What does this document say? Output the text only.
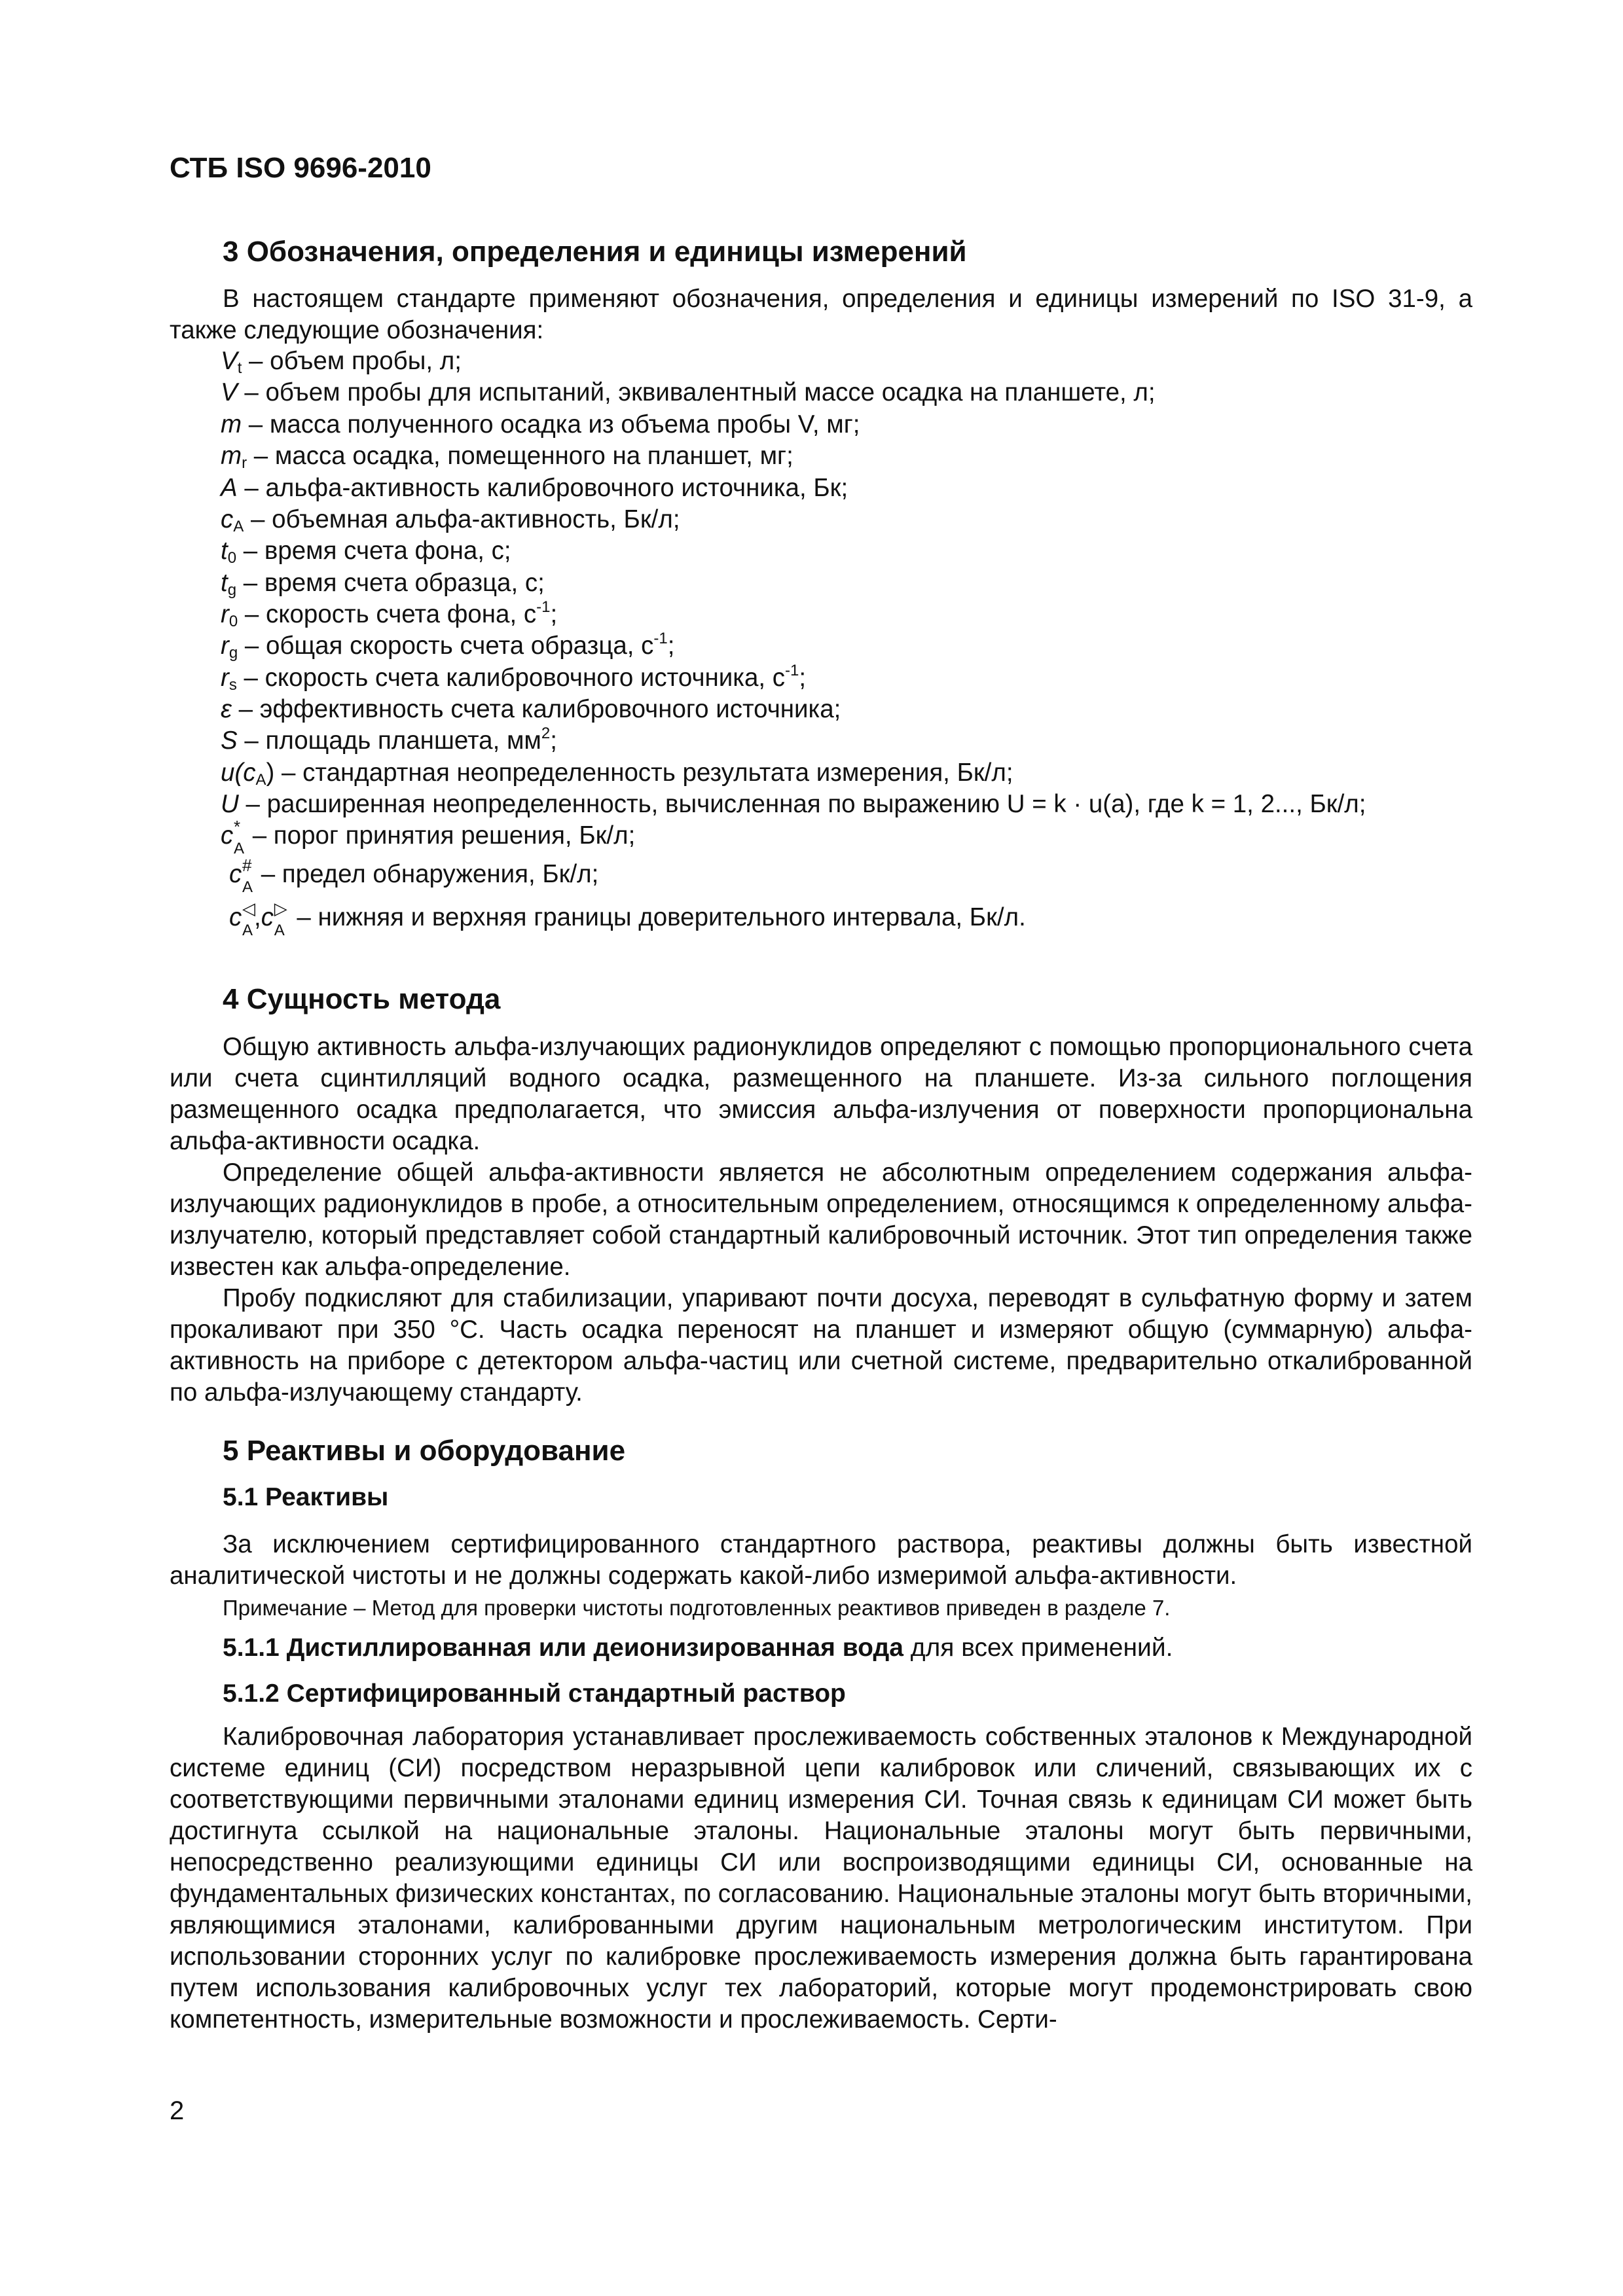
СТБ ISO 9696-2010
3 Обозначения, определения и единицы измерений

В настоящем стандарте применяют обозначения, определения и единицы измерений по ISO 31-9, а также следующие обозначения:

$V_t$ – объем пробы, л;
V – объем пробы для испытаний, эквивалентный массе осадка на планшете, л;
m – масса полученного осадка из объема пробы V, мг;
$m_r$ – масса осадка, помещенного на планшет, мг;
A – альфа-активность калибровочного источника, Бк;
$c_A$ – объемная альфа-активность, Бк/л;
$t_0$ – время счета фона, с;
$t_g$ – время счета образца, с;
$r_0$ – скорость счета фона, $с^{-1}$;
$r_g$ – общая скорость счета образца, $с^{-1}$;
$r_s$ – скорость счета калибровочного источника, $с^{-1}$;
ε – эффективность счета калибровочного источника;
S – площадь планшета, $мм^2$;
$u(c_A)$ – стандартная неопределенность результата измерения, Бк/л;
U – расширенная неопределенность, вычисленная по выражению U = k · u(a), где k = 1, 2..., Бк/л;
c *
A – порог принятия решения, Бк/л;
c #
A – предел обнаружения, Бк/л;
c ◁
A , c ▷
A – нижняя и верхняя границы доверительного интервала, Бк/л.
4 Сущность метода

Общую активность альфа-излучающих радионуклидов определяют с помощью пропорционального счета или счета сцинтилляций водного осадка, размещенного на планшете. Из-за сильного поглощения размещенного осадка предполагается, что эмиссия альфа-излучения от поверхности пропорциональна альфа-активности осадка.

Определение общей альфа-активности является не абсолютным определением содержания альфа-излучающих радионуклидов в пробе, а относительным определением, относящимся к определенному альфа-излучателю, который представляет собой стандартный калибровочный источник. Этот тип определения также известен как альфа-определение.

Пробу подкисляют для стабилизации, упаривают почти досуха, переводят в сульфатную форму и затем прокаливают при 350 °С. Часть осадка переносят на планшет и измеряют общую (суммарную) альфа-активность на приборе с детектором альфа-частиц или счетной системе, предварительно откалиброванной по альфа-излучающему стандарту.

5 Реактивы и оборудование
5.1 Реактивы

За исключением сертифицированного стандартного раствора, реактивы должны быть известной аналитической чистоты и не должны содержать какой-либо измеримой альфа-активности.

Примечание – Метод для проверки чистоты подготовленных реактивов приведен в разделе 7.
5.1.1 Дистиллированная или деионизированная вода для всех применений.
5.1.2 Сертифицированный стандартный раствор

Калибровочная лаборатория устанавливает прослеживаемость собственных эталонов к Международной системе единиц (СИ) посредством неразрывной цепи калибровок или сличений, связывающих их с соответствующими первичными эталонами единиц измерения СИ. Точная связь к единицам СИ может быть достигнута ссылкой на национальные эталоны. Национальные эталоны могут быть первичными, непосредственно реализующими единицы СИ или воспроизводящими единицы СИ, основанные на фундаментальных физических константах, по согласованию. Национальные эталоны могут быть вторичными, являющимися эталонами, калиброванными другим национальным метрологическим институтом. При использовании сторонних услуг по калибровке прослеживаемость измерения должна быть гарантирована путем использования калибровочных услуг тех лабораторий, которые могут продемонстрировать свою компетентность, измерительные возможности и прослеживаемость. Серти-

2
